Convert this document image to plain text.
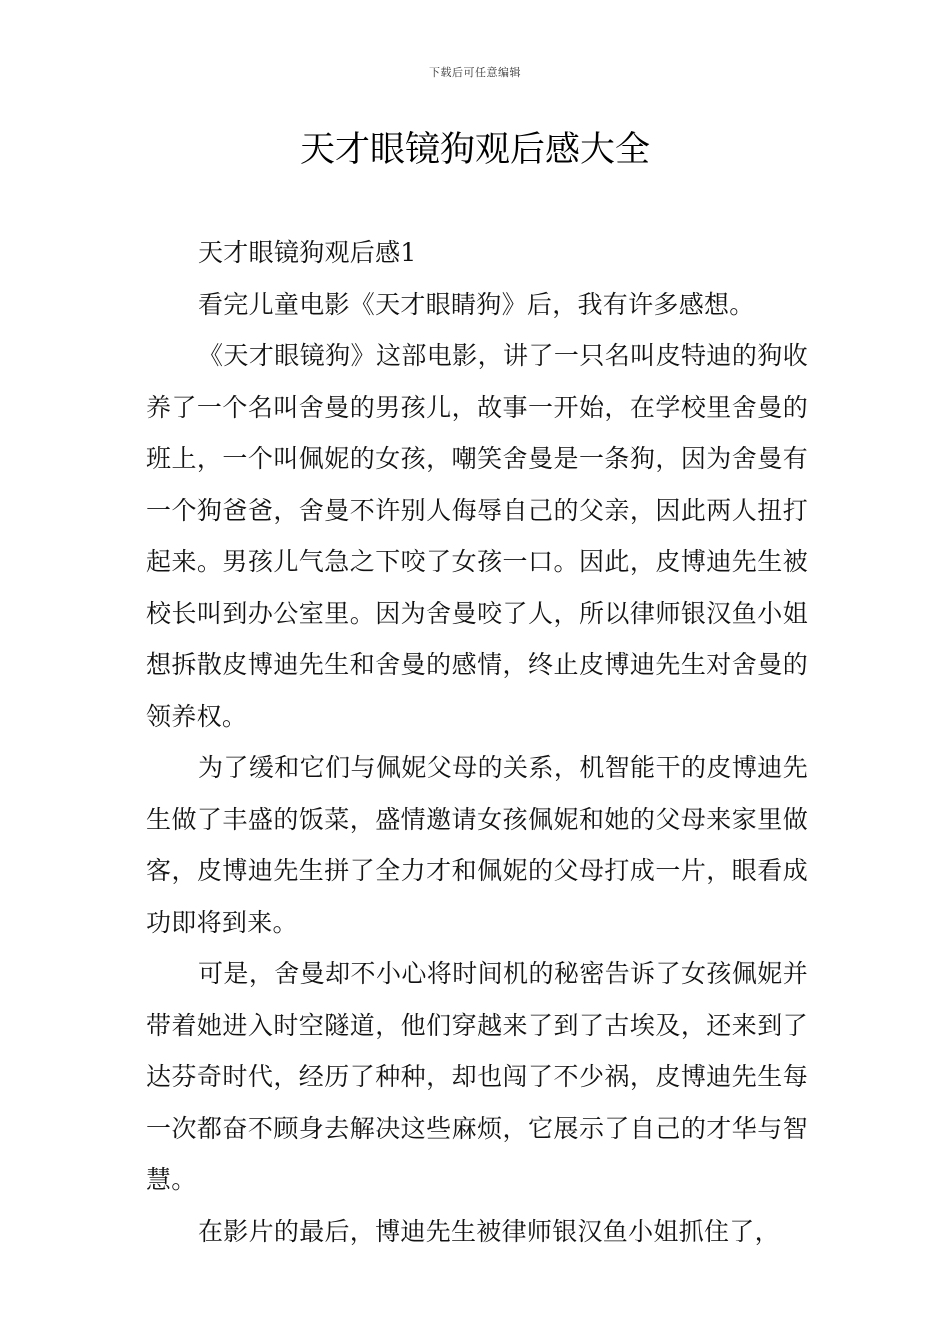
下载后可任意编辑
天才眼镜狗观后感大全

天才眼镜狗观后感1

看完儿童电影《天才眼睛狗》后，我有许多感想。

《天才眼镜狗》这部电影，讲了一只名叫皮特迪的狗收养了一个名叫舍曼的男孩儿，故事一开始，在学校里舍曼的班上，一个叫佩妮的女孩，嘲笑舍曼是一条狗，因为舍曼有一个狗爸爸，舍曼不许别人侮辱自己的父亲，因此两人扭打起来。男孩儿气急之下咬了女孩一口。因此，皮博迪先生被校长叫到办公室里。因为舍曼咬了人，所以律师银汉鱼小姐想拆散皮博迪先生和舍曼的感情，终止皮博迪先生对舍曼的领养权。

为了缓和它们与佩妮父母的关系，机智能干的皮博迪先生做了丰盛的饭菜，盛情邀请女孩佩妮和她的父母来家里做客，皮博迪先生拼了全力才和佩妮的父母打成一片，眼看成功即将到来。

可是，舍曼却不小心将时间机的秘密告诉了女孩佩妮并带着她进入时空隧道，他们穿越来了到了古埃及，还来到了达芬奇时代，经历了种种，却也闯了不少祸，皮博迪先生每一次都奋不顾身去解决这些麻烦，它展示了自己的才华与智慧。

在影片的最后，博迪先生被律师银汉鱼小姐抓住了，
